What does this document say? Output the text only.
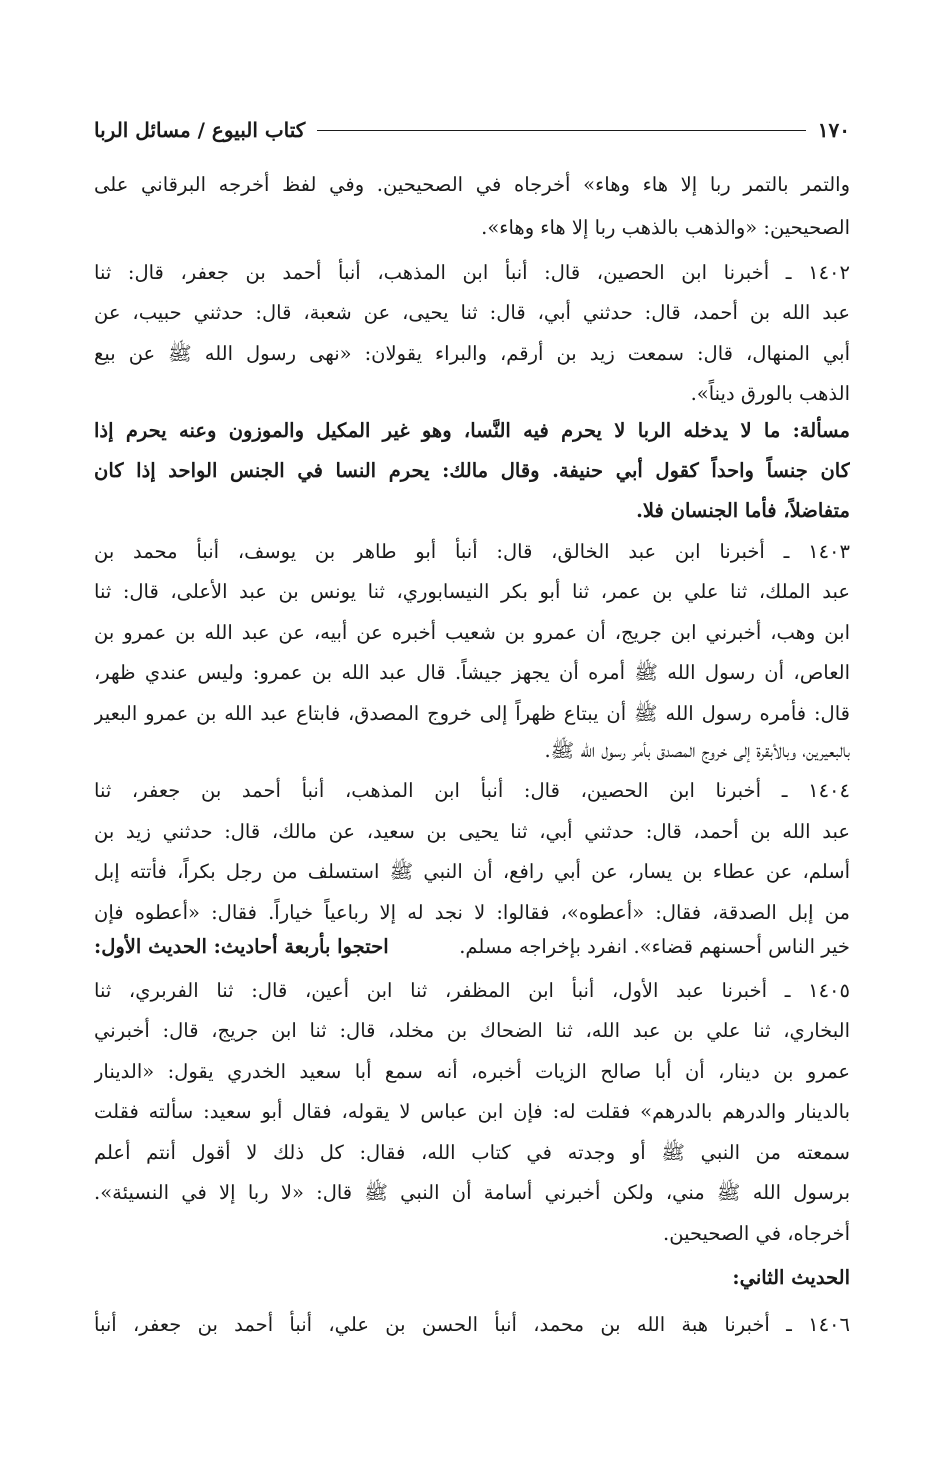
١٧٠
كتاب البيوع / مسائل الربا
والتمر بالتمر ربا إلا هاء وهاء» أخرجاه في الصحيحين. وفي لفظ أخرجه البرقاني على
الصحيحين: «والذهب بالذهب ربا إلا هاء وهاء».
١٤٠٢ ـ أخبرنا ابن الحصين، قال: أنبأ ابن المذهب، أنبأ أحمد بن جعفر، قال: ثنا
عبد الله بن أحمد، قال: حدثني أبي، قال: ثنا يحيى، عن شعبة، قال: حدثني حبيب، عن
أبي المنهال، قال: سمعت زيد بن أرقم، والبراء يقولان: «نهى رسول الله ﷺ عن بيع
الذهب بالورق ديناً».
مسألة: ما لا يدخله الربا لا يحرم فيه النَّسا، وهو غير المكيل والموزون وعنه يحرم إذا
كان جنساً واحداً كقول أبي حنيفة. وقال مالك: يحرم النسا في الجنس الواحد إذا كان
متفاضلاً، فأما الجنسان فلا.
١٤٠٣ ـ أخبرنا ابن عبد الخالق، قال: أنبأ أبو طاهر بن يوسف، أنبأ محمد بن
عبد الملك، ثنا علي بن عمر، ثنا أبو بكر النيسابوري، ثنا يونس بن عبد الأعلى، قال: ثنا
ابن وهب، أخبرني ابن جريج، أن عمرو بن شعيب أخبره عن أبيه، عن عبد الله بن عمرو بن
العاص، أن رسول الله ﷺ أمره أن يجهز جيشاً. قال عبد الله بن عمرو: وليس عندي ظهر،
قال: فأمره رسول الله ﷺ أن يبتاع ظهراً إلى خروج المصدق، فابتاع عبد الله بن عمرو البعير
بالبعيرين، وبالأبقرة إلى خروج المصدق بأمر رسول الله ﷺ.
١٤٠٤ ـ أخبرنا ابن الحصين، قال: أنبأ ابن المذهب، أنبأ أحمد بن جعفر، ثنا
عبد الله بن أحمد، قال: حدثني أبي، ثنا يحيى بن سعيد، عن مالك، قال: حدثني زيد بن
أسلم، عن عطاء بن يسار، عن أبي رافع، أن النبي ﷺ استسلف من رجل بكراً، فأتته إبل
من إبل الصدقة، فقال: «أعطوه»، فقالوا: لا نجد له إلا رباعياً خياراً. فقال: «أعطوه فإن
خير الناس أحسنهم قضاء». انفرد بإخراجه مسلم.
احتجوا بأربعة أحاديث: الحديث الأول:
١٤٠٥ ـ أخبرنا عبد الأول، أنبأ ابن المظفر، ثنا ابن أعين، قال: ثنا الفربري، ثنا
البخاري، ثنا علي بن عبد الله، ثنا الضحاك بن مخلد، قال: ثنا ابن جريج، قال: أخبرني
عمرو بن دينار، أن أبا صالح الزيات أخبره، أنه سمع أبا سعيد الخدري يقول: «الدينار
بالدينار والدرهم بالدرهم» فقلت له: فإن ابن عباس لا يقوله، فقال أبو سعيد: سألته فقلت
سمعته من النبي ﷺ أو وجدته في كتاب الله، فقال: كل ذلك لا أقول أنتم أعلم
برسول الله ﷺ مني، ولكن أخبرني أسامة أن النبي ﷺ قال: «لا ربا إلا في النسيئة».
أخرجاه، في الصحيحين.
الحديث الثاني:
١٤٠٦ ـ أخبرنا هبة الله بن محمد، أنبأ الحسن بن علي، أنبأ أحمد بن جعفر، أنبأ
